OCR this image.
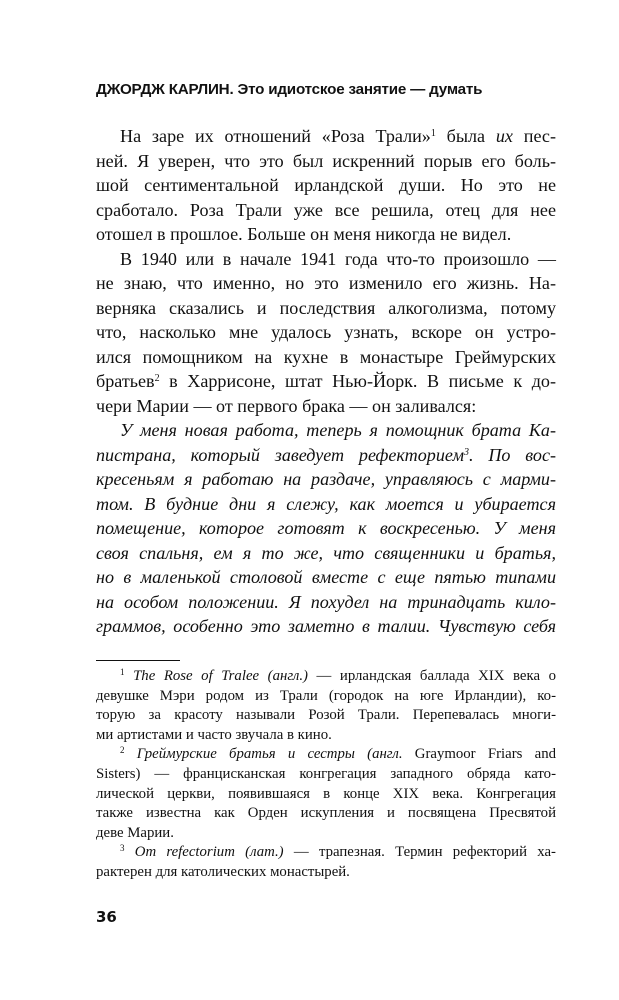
ДЖОРДЖ КАРЛИН. Это идиотское занятие — думать
На заре их отношений «Роза Трали»$^1$ была их пес-
ней. Я уверен, что это был искренний порыв его боль-
шой сентиментальной ирландской души. Но это не
сработало. Роза Трали уже все решила, отец для нее
отошел в прошлое. Больше он меня никогда не видел.
В 1940 или в начале 1941 года что-то произошло —
не знаю, что именно, но это изменило его жизнь. На-
верняка сказались и последствия алкоголизма, потому
что, насколько мне удалось узнать, вскоре он устро-
ился помощником на кухне в монастыре Греймурских
братьев$^2$ в Харрисоне, штат Нью-Йорк. В письме к до-
чери Марии — от первого брака — он заливался:
У меня новая работа, теперь я помощник брата Ка-
пистрана, который заведует рефекторием$^3$. По вос-
кресеньям я работаю на раздаче, управляюсь с марми-
том. В будние дни я слежу, как моется и убирается
помещение, которое готовят к воскресенью. У меня
своя спальня, ем я то же, что священники и братья,
но в маленькой столовой вместе с еще пятью типами
на особом положении. Я похудел на тринадцать кило-
граммов, особенно это заметно в талии. Чувствую себя
$^1$ The Rose of Tralee (англ.) — ирландская баллада XIX века о
девушке Мэри родом из Трали (городок на юге Ирландии), ко-
торую за красоту называли Розой Трали. Перепевалась многи-
ми артистами и часто звучала в кино.
$^2$ Греймурские братья и сестры (англ. Graymoor Friars and
Sisters) — францисканская конгрегация западного обряда като-
лической церкви, появившаяся в конце XIX века. Конгрегация
также известна как Орден искупления и посвящена Пресвятой
деве Марии.
$^3$ От refectorium (лат.) — трапезная. Термин рефекторий ха-
рактерен для католических монастырей.
36
